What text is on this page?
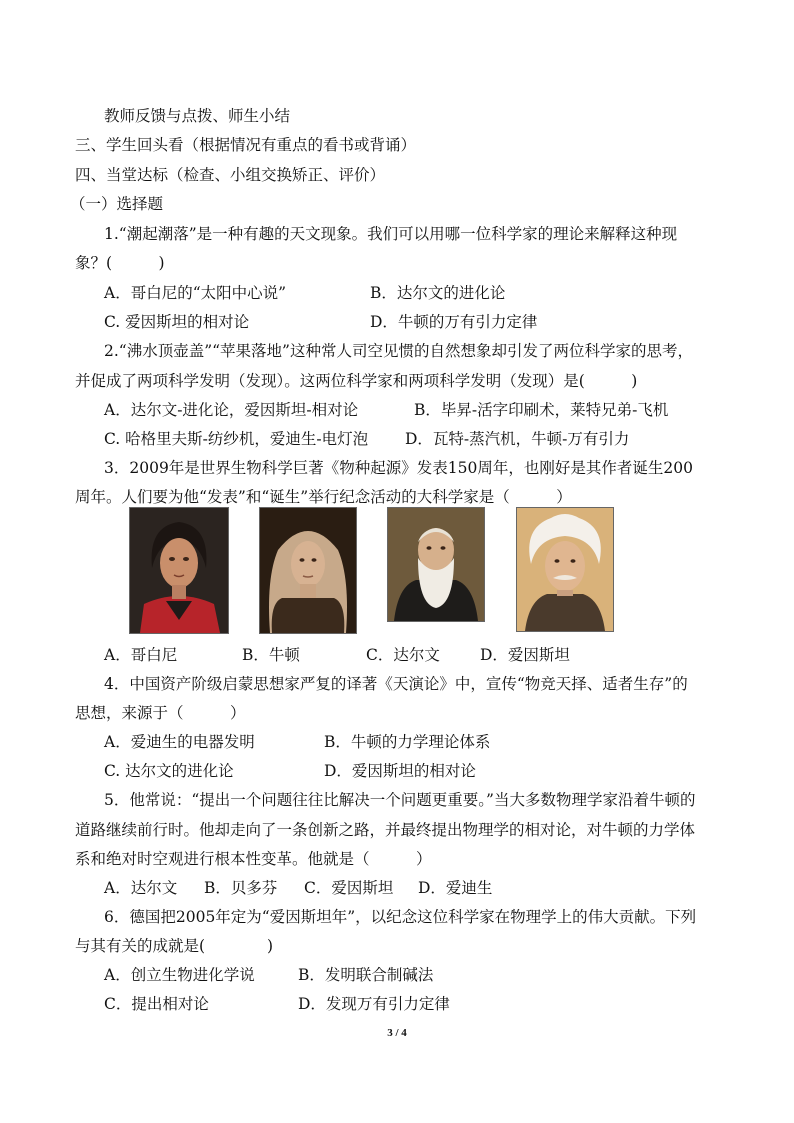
教师反馈与点拨、师生小结
三、学生回头看（根据情况有重点的看书或背诵）
四、当堂达标（检查、小组交换矫正、评价）
（一）选择题
1.“潮起潮落”是一种有趣的天文现象。我们可以用哪一位科学家的理论来解释这种现
象？(　　　)
A．哥白尼的“太阳中心说”	B．达尔文的进化论
C. 爱因斯坦的相对论	D．牛顿的万有引力定律
2.“沸水顶壶盖”“苹果落地”这种常人司空见惯的自然想象却引发了两位科学家的思考，
并促成了两项科学发明（发现）。这两位科学家和两项科学发明（发现）是(　　　)
A．达尔文-进化论，爱因斯坦-相对论	B．毕昇-活字印刷术，莱特兄弟-飞机
C. 哈格里夫斯-纺纱机，爱迪生-电灯泡 D．瓦特-蒸汽机，牛顿-万有引力
3．2009年是世界生物科学巨著《物种起源》发表150周年，也刚好是其作者诞生200
周年。人们要为他“发表”和“诞生”举行纪念活动的大科学家是（　　　）
A．哥白尼	B．牛顿	C．达尔文	D．爱因斯坦
4．中国资产阶级启蒙思想家严复的译著《天演论》中，宣传“物竞天择、适者生存”的
思想，来源于（　　　）
A．爱迪生的电器发明	B．牛顿的力学理论体系
C. 达尔文的进化论	D．爱因斯坦的相对论
5．他常说：“提出一个问题往往比解决一个问题更重要。”当大多数物理学家沿着牛顿的
道路继续前行时。他却走向了一条创新之路，并最终提出物理学的相对论，对牛顿的力学体
系和绝对时空观进行根本性变革。他就是（　　　）
A．达尔文 B．贝多芬 C．爱因斯坦 D．爱迪生
6．德国把2005年定为“爱因斯坦年”，以纪念这位科学家在物理学上的伟大贡献。下列
与其有关的成就是(　　　　)
A．创立生物进化学说	B．发明联合制碱法
C．提出相对论	D．发现万有引力定律
3 / 4
